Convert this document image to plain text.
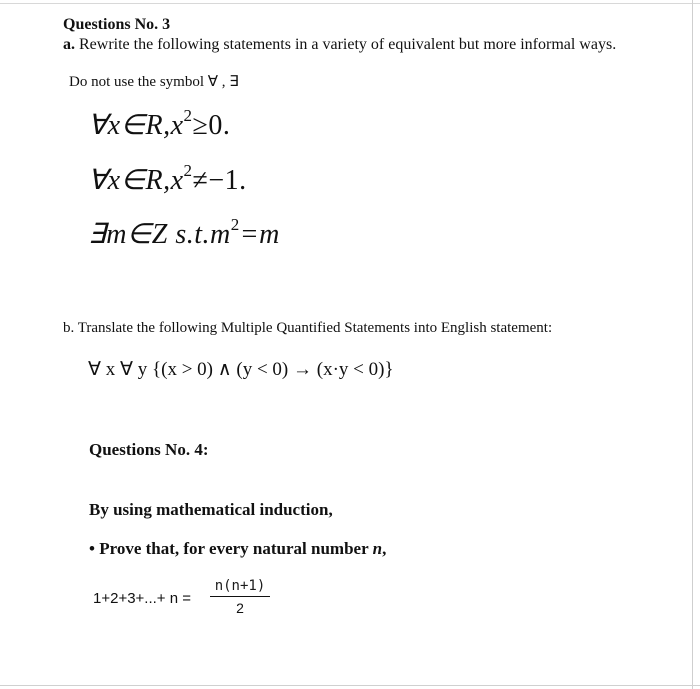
Questions No. 3
a. Rewrite the following statements in a variety of equivalent but more informal ways.
Do not use the symbol ∀ , ∃
$\forall x\in R,x^2\ge 0$.
$\forall x\in R,x^2\ne-1$.
∃m∈Z $s.t.m^2=m$
b. Translate the following Multiple Quantified Statements into English statement:
∀ x ∀ y {(x > 0) ∧ (y < 0) → (x·y < 0)}
Questions No. 4:
By using mathematical induction,
• Prove that, for every natural number n,
1+2+3+...+ n =
n(n+1)
2
